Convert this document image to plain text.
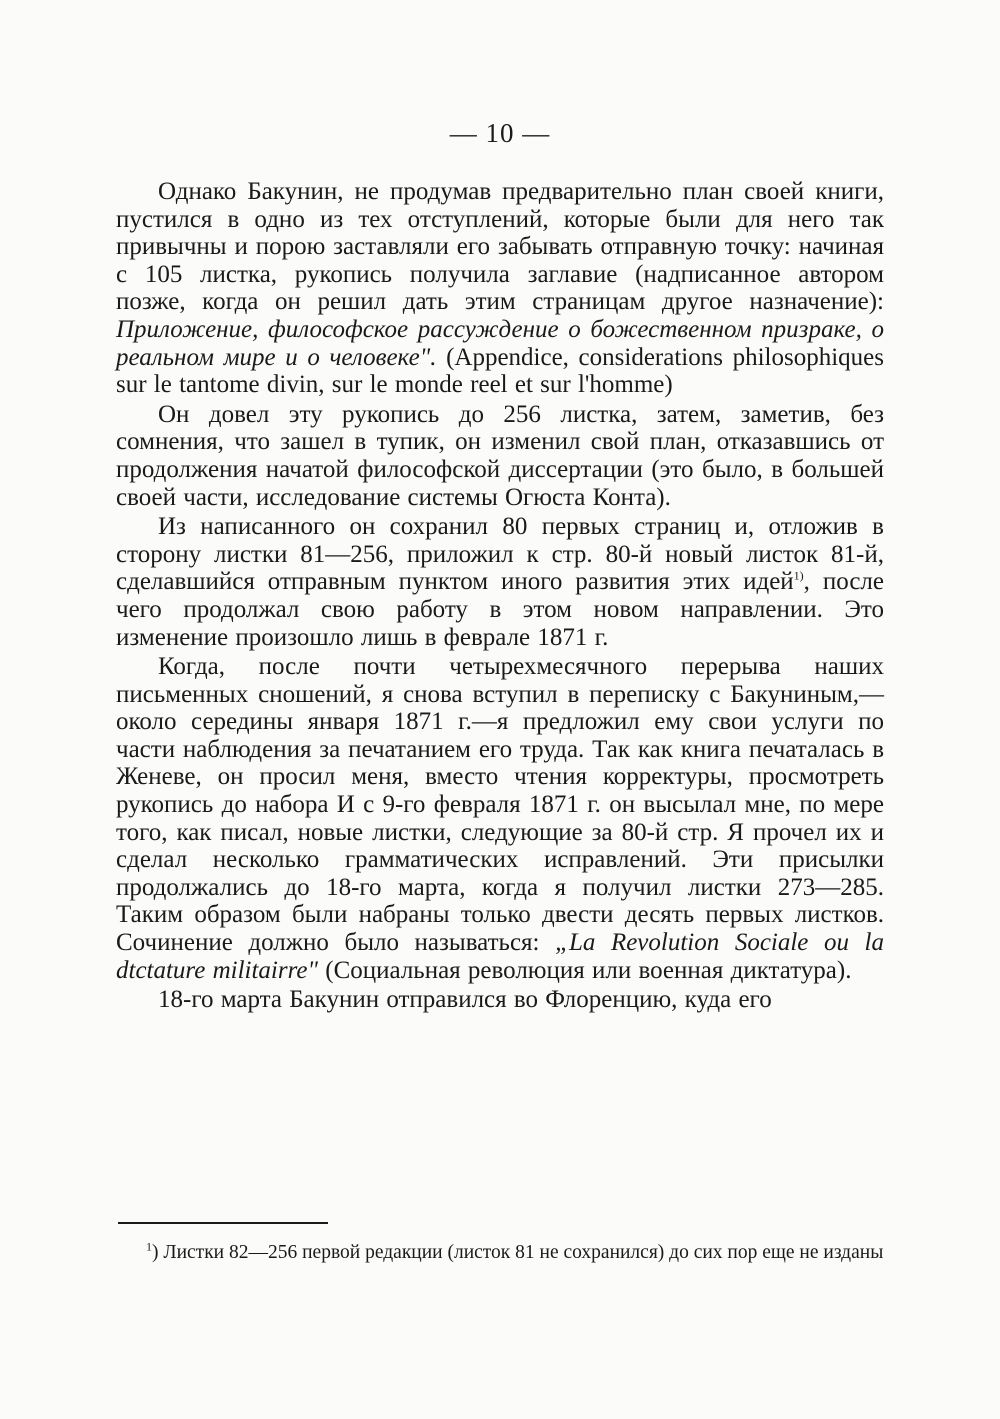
— 10 —

Однако Бакунин, не продумав предварительно план своей книги, пустился в одно из тех отступлений, которые были для него так привычны и порою заставляли его забывать отправную точку: начиная с 105 листка, рукопись получила заглавие (надписанное автором позже, когда он решил дать этим страницам другое назначение): Приложение, философское рассуждение о божественном призраке, о реальном мире и о человеке". (Appendice, considerations philosophiques sur le tantome divin, sur le monde reel et sur l'homme)

Он довел эту рукопись до 256 листка, затем, заметив, без сомнения, что зашел в тупик, он изменил свой план, отказавшись от продолжения начатой философской диссертации (это было, в большей своей части, исследование системы Огюста Конта).

Из написанного он сохранил 80 первых страниц и, отложив в сторону листки 81—256, приложил к стр. 80-й новый листок 81-й, сделавшийся отправным пунктом иного развития этих идей$^{1)}$, после чего продолжал свою работу в этом новом направлении. Это изменение произошло лишь в феврале 1871 г.

Когда, после почти четырехмесячного перерыва наших письменных сношений, я снова вступил в переписку с Бакуниным,—около середины января 1871 г.—я предложил ему свои услуги по части наблюдения за печатанием его труда. Так как книга печаталась в Женеве, он просил меня, вместо чтения корректуры, просмотреть рукопись до набора И с 9-го февраля 1871 г. он высылал мне, по мере того, как писал, новые листки, следующие за 80-й стр. Я прочел их и сделал несколько грамматических исправлений. Эти присылки продолжались до 18-го марта, когда я получил листки 273—285. Таким образом были набраны только двести десять первых листков. Сочинение должно было называться: „La Revolution Sociale ou la dtctature militairre" (Социальная революция или военная диктатура).

18-го марта Бакунин отправился во Флоренцию, куда его

$^1$) Листки 82—256 первой редакции (листок 81 не сохранился) до сих пор еще не изданы
